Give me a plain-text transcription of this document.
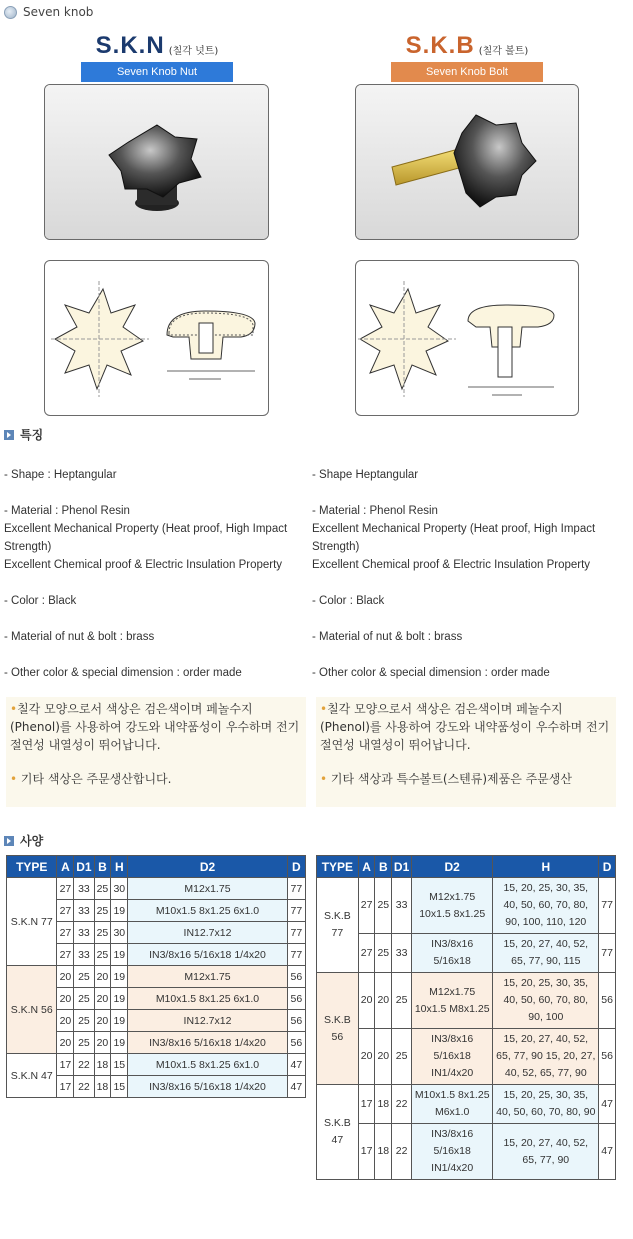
Seven knob
S.K.N (칠각 넛트)
Seven Knob Nut
S.K.B (칠각 볼트)
Seven Knob Bolt
특징
- Shape : Heptangular
- Material : Phenol Resin
Excellent Mechanical Property (Heat proof, High Impact Strength)
Excellent Chemical proof & Electric Insulation Property
- Color : Black
- Material of nut & bolt : brass
- Other color & special dimension : order made
- Shape Heptangular
- Material : Phenol Resin
Excellent Mechanical Property (Heat proof, High Impact Strength)
Excellent Chemical proof & Electric Insulation Property
- Color : Black
- Material of nut & bolt : brass
- Other color & special dimension : order made

•칠각 모양으로서 색상은 검은색이며 페놀수지(Phenol)를 사용하여 강도와 내약품성이 우수하며 전기절연성 내열성이 뛰어납니다.

• 기타 색상은 주문생산합니다.

•칠각 모양으로서 색상은 검은색이며 페놀수지(Phenol)를 사용하여 강도와 내약품성이 우수하며 전기절연성 내열성이 뛰어납니다.

• 기타 색상과 특수볼트(스텐류)제품은 주문생산

사양
TYPE	A	D1	B	H	D2	D
S.K.N 77	27	33	25	30	M12x1.75	77
	27	33	25	19	M10x1.5 8x1.25 6x1.0	77
	27	33	25	30	IN12.7x12	77
	27	33	25	19	IN3/8x16 5/16x18 1/4x20	77
S.K.N 56	20	25	20	19	M12x1.75	56
	20	25	20	19	M10x1.5 8x1.25 6x1.0	56
	20	25	20	19	IN12.7x12	56
	20	25	20	19	IN3/8x16 5/16x18 1/4x20	56
S.K.N 47	17	22	18	15	M10x1.5 8x1.25 6x1.0	47
	17	22	18	15	IN3/8x16 5/16x18 1/4x20	47
TYPE	A	B	D1	D2	H	D
S.K.B 77	27	25	33	M12x1.75 10x1.5 8x1.25	15, 20, 25, 30, 35, 40, 50, 60, 70, 80, 90, 100, 110, 120	77
	27	25	33	IN3/8x16 5/16x18	15, 20, 27, 40, 52, 65, 77, 90, 115	77
S.K.B 56	20	20	25	M12x1.75 10x1.5 M8x1.25	15, 20, 25, 30, 35, 40, 50, 60, 70, 80, 90, 100	56
	20	20	25	IN3/8x16 5/16x18 IN1/4x20	15, 20, 27, 40, 52, 65, 77, 90 15, 20, 27, 40, 52, 65, 77, 90	56
S.K.B 47	17	18	22	M10x1.5 8x1.25 M6x1.0	15, 20, 25, 30, 35, 40, 50, 60, 70, 80, 90	47
	17	18	22	IN3/8x16 5/16x18 IN1/4x20	15, 20, 27, 40, 52, 65, 77, 90	47
